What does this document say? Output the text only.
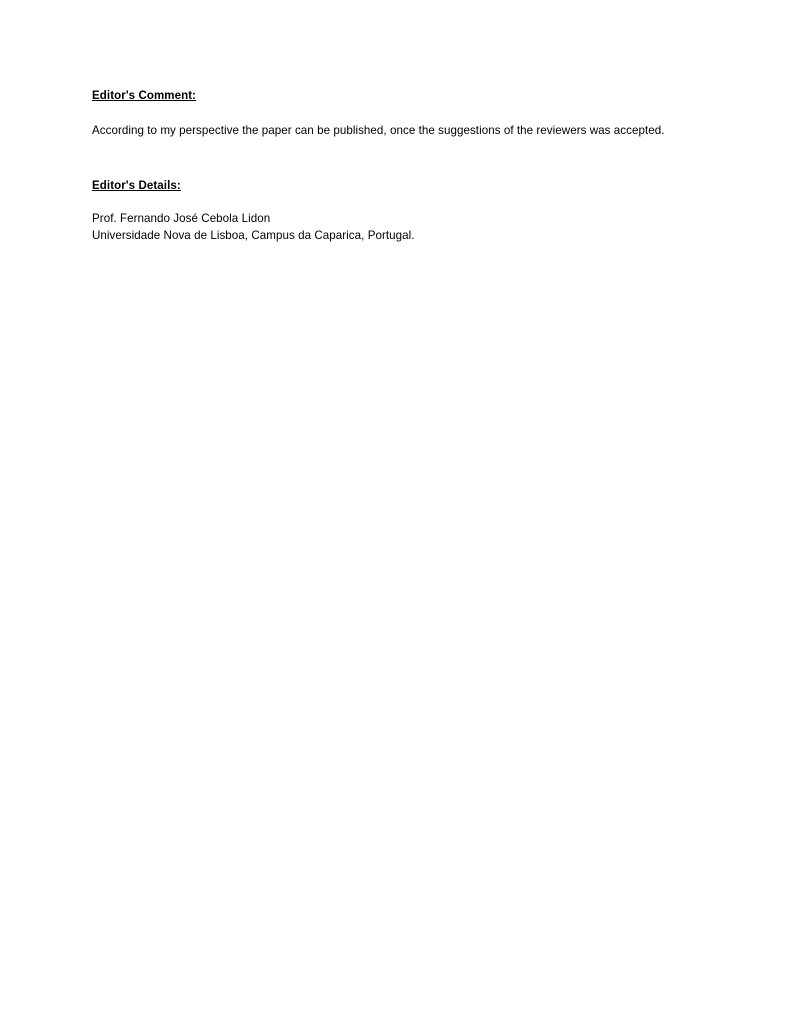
Editor's Comment:

According to my perspective the paper can be published, once the suggestions of the reviewers was accepted.

Editor's Details:

Prof. Fernando José Cebola Lidon

Universidade Nova de Lisboa, Campus da Caparica, Portugal.
